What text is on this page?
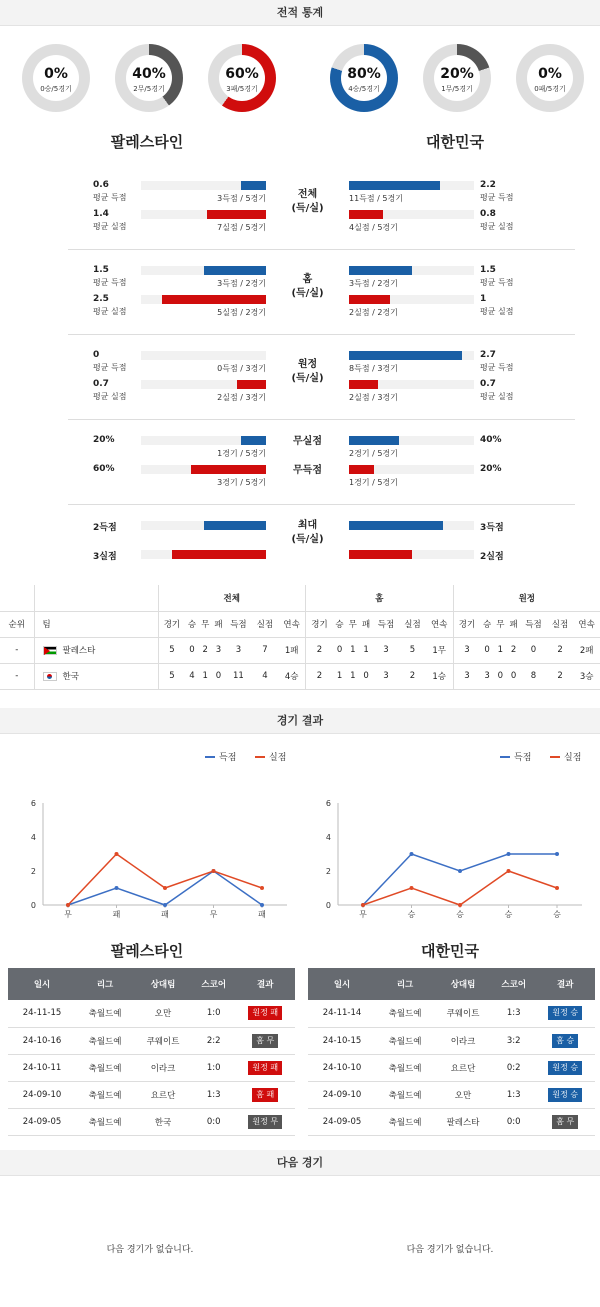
전적 통계
0%
0승/5경기
40%
2무/5경기
60%
3패/5경기
80%
4승/5경기
20%
1무/5경기
0%
0패/5경기
팔레스타인	대한민국
0.6
평균 득점	3득점 / 5경기	11득점 / 5경기
2.2
평균 득점
1.4
평균 실점	7실점 / 5경기	4실점 / 5경기
0.8
평균 실점
전체
(득/실)
1.5
평균 득점	3득점 / 2경기	3득점 / 2경기
1.5
평균 득점
2.5
평균 실점	5실점 / 2경기	2실점 / 2경기
1
평균 실점
홈
(득/실)
0
평균 득점	0득점 / 3경기	8득점 / 3경기
2.7
평균 득점
0.7
평균 실점	2실점 / 3경기	2실점 / 3경기
0.7
평균 실점
원정
(득/실)
20%
1경기 / 5경기	2경기 / 5경기
40%
무실점
60%
3경기 / 5경기	1경기 / 5경기
20%
무득점
2득점	3득점
3실점	2실점
최대
(득/실)
		전체							홈							원정						
순위	팀	경기	승	무	패	득점	실점	연속	경기	승	무	패	득점	실점	연속	경기	승	무	패	득점	실점	연속
-	팔레스타	5	0	2	3	3	7	1패	2	0	1	1	3	5	1무	3	0	1	2	0	2	2패
-	한국	5	4	1	0	11	4	4승	2	1	1	0	3	2	1승	3	3	0	0	8	2	3승
경기 결과
득점	실점
0
2
4
6
무	패	패	무	패
득점	실점
0
2
4
6
무	승	승	승	승
팔레스타인	대한민국
일시	리그	상대팀	스코어	결과
24-11-15	축월드예	오만	1:0	원정 패
24-10-16	축월드예	쿠웨이트	2:2	홈 무
24-10-11	축월드예	이라크	1:0	원정 패
24-09-10	축월드예	요르단	1:3	홈 패
24-09-05	축월드예	한국	0:0	원정 무
일시	리그	상대팀	스코어	결과
24-11-14	축월드예	쿠웨이트	1:3	원정 승
24-10-15	축월드예	이라크	3:2	홈 승
24-10-10	축월드예	요르단	0:2	원정 승
24-09-10	축월드예	오만	1:3	원정 승
24-09-05	축월드예	팔레스타	0:0	홈 무
다음 경기
다음 경기가 없습니다.	다음 경기가 없습니다.
